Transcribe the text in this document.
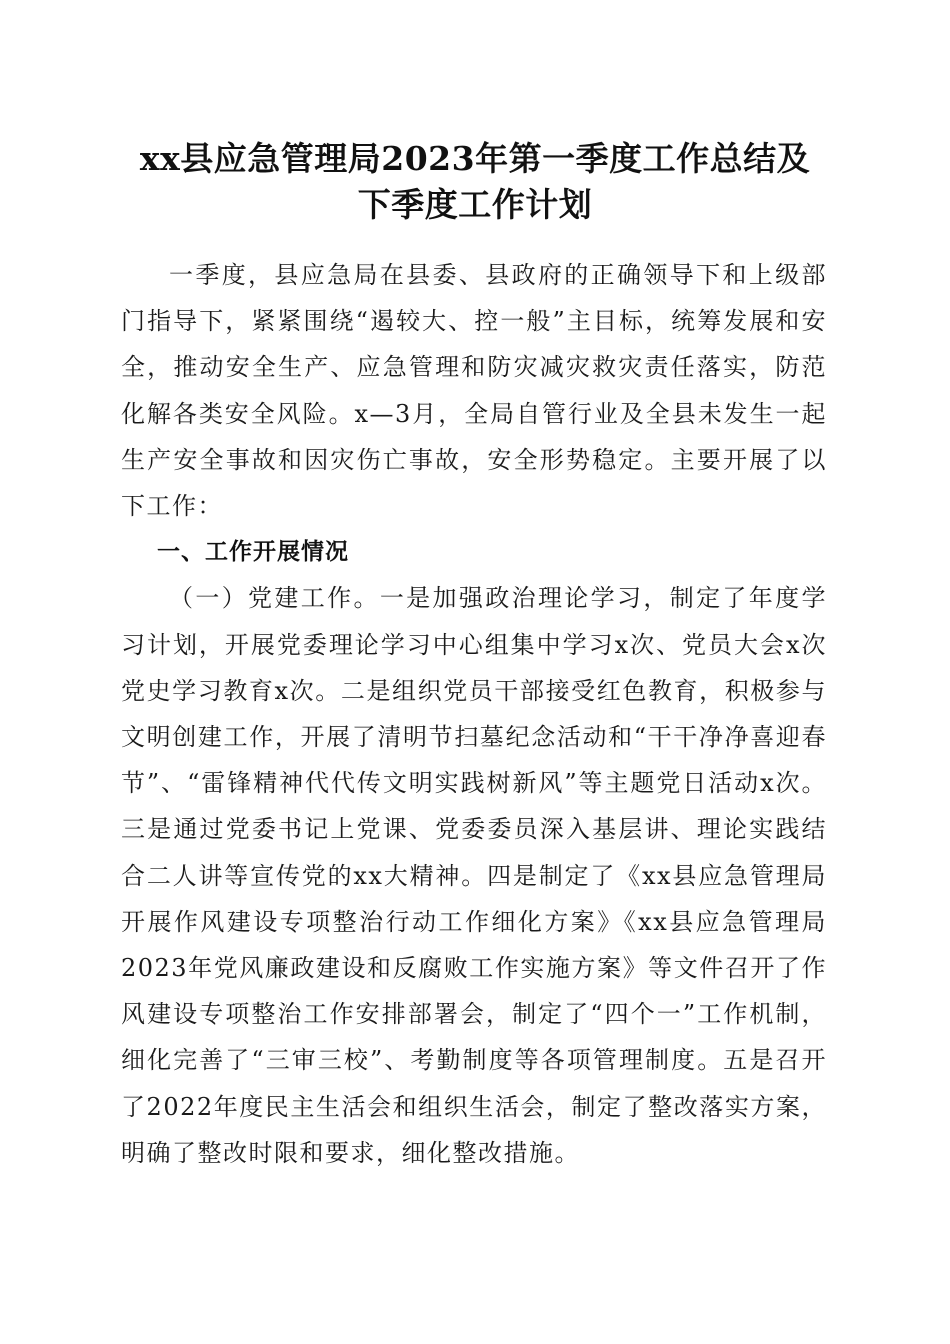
xx县应急管理局2023年第一季度工作总结及
下季度工作计划

一季度，县应急局在县委、县政府的正确领导下和上级部门指导下，紧紧围绕“遏较大、控一般”主目标，统筹发展和安全，推动安全生产、应急管理和防灾减灾救灾责任落实，防范化解各类安全风险。x—3月，全局自管行业及全县未发生一起生产安全事故和因灾伤亡事故，安全形势稳定。主要开展了以下工作：

一、工作开展情况

（一）党建工作。一是加强政治理论学习，制定了年度学习计划，开展党委理论学习中心组集中学习x次、党员大会x次党史学习教育x次。二是组织党员干部接受红色教育，积极参与文明创建工作，开展了清明节扫墓纪念活动和“干干净净喜迎春节”、“雷锋精神代代传文明实践树新风”等主题党日活动x次。三是通过党委书记上党课、党委委员深入基层讲、理论实践结合二人讲等宣传党的xx大精神。四是制定了《xx县应急管理局开展作风建设专项整治行动工作细化方案》《xx县应急管理局2023年党风廉政建设和反腐败工作实施方案》等文件召开了作风建设专项整治工作安排部署会，制定了“四个一”工作机制，细化完善了“三审三校”、考勤制度等各项管理制度。五是召开了2022年度民主生活会和组织生活会，制定了整改落实方案，明确了整改时限和要求，细化整改措施。
